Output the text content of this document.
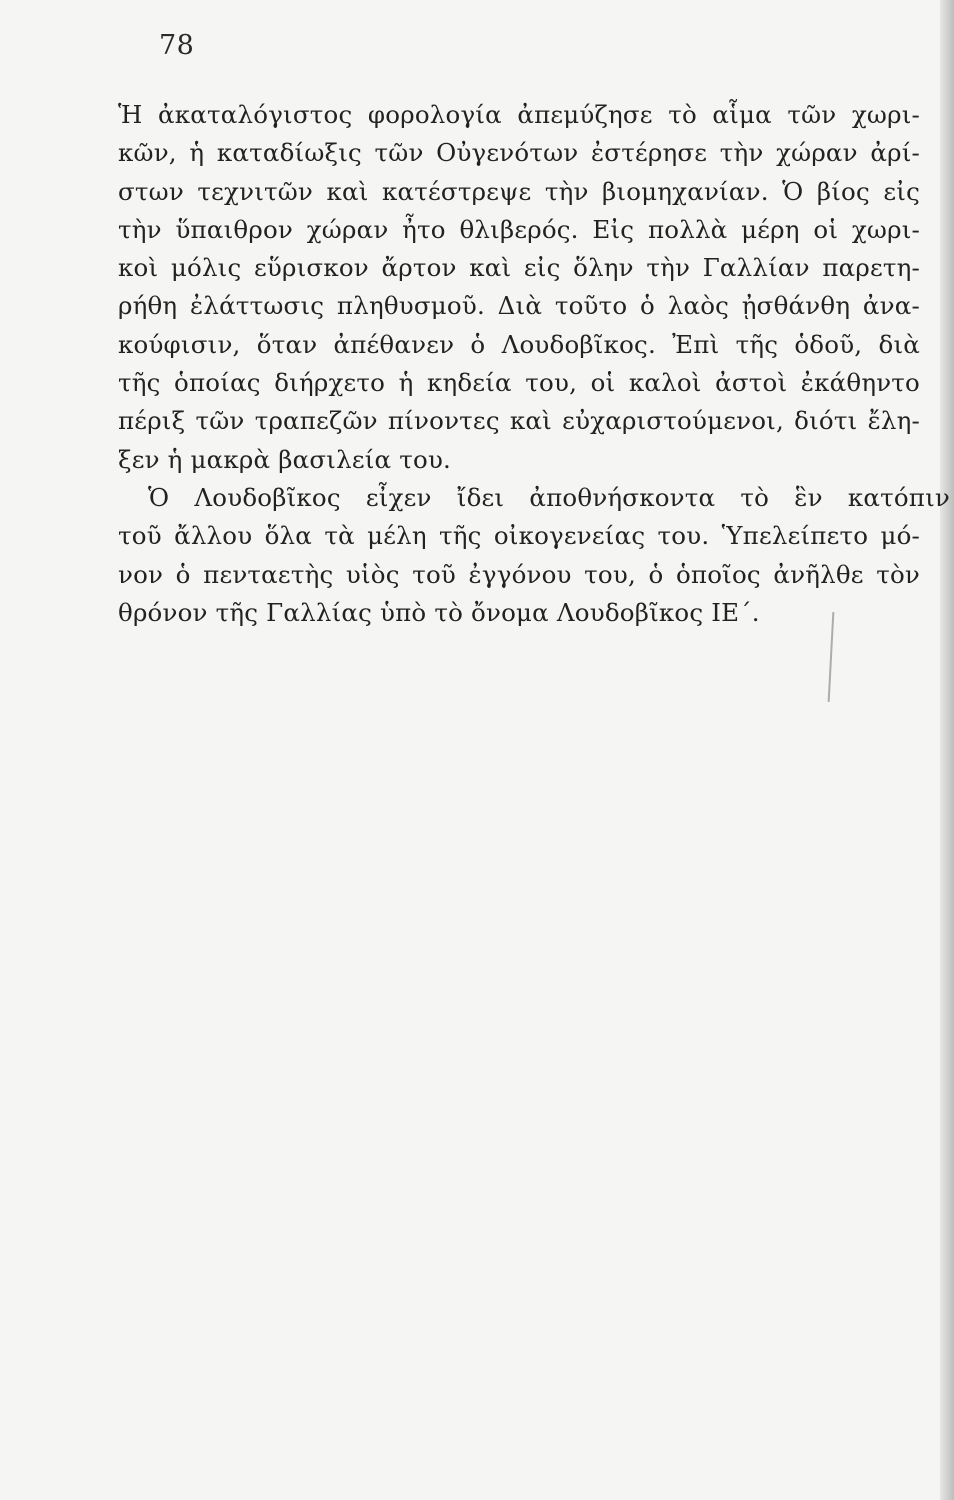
78
Ἡ ἀκαταλόγιστος φορολογία ἀπεμύζησε τὸ αἷμα τῶν χωρι-
κῶν, ἡ καταδίωξις τῶν Οὐγενότων ἐστέρησε τὴν χώραν ἀρί-
στων τεχνιτῶν καὶ κατέστρεψε τὴν βιομηχανίαν. Ὁ βίος εἰς
τὴν ὕπαιθρον χώραν ἦτο θλιβερός. Εἰς πολλὰ μέρη οἱ χωρι-
κοὶ μόλις εὕρισκον ἄρτον καὶ εἰς ὅλην τὴν Γαλλίαν παρετη-
ρήθη ἐλάττωσις πληθυσμοῦ. Διὰ τοῦτο ὁ λαὸς ᾐσθάνθη ἀνα-
κούφισιν, ὅταν ἀπέθανεν ὁ Λουδοβῖκος. Ἐπὶ τῆς ὁδοῦ, διὰ
τῆς ὁποίας διήρχετο ἡ κηδεία του, οἱ καλοὶ ἀστοὶ ἐκάθηντο
πέριξ τῶν τραπεζῶν πίνοντες καὶ εὐχαριστούμενοι, διότι ἔλη-
ξεν ἡ μακρὰ βασιλεία του.
Ὁ Λουδοβῖκος εἶχεν ἴδει ἀποθνήσκοντα τὸ ἓν κατόπιν
τοῦ ἄλλου ὅλα τὰ μέλη τῆς οἰκογενείας του. Ὑπελείπετο μό-
νον ὁ πενταετὴς υἱὸς τοῦ ἐγγόνου του, ὁ ὁποῖος ἀνῆλθε τὸν
θρόνον τῆς Γαλλίας ὑπὸ τὸ ὄνομα Λουδοβῖκος ΙΕ΄.
